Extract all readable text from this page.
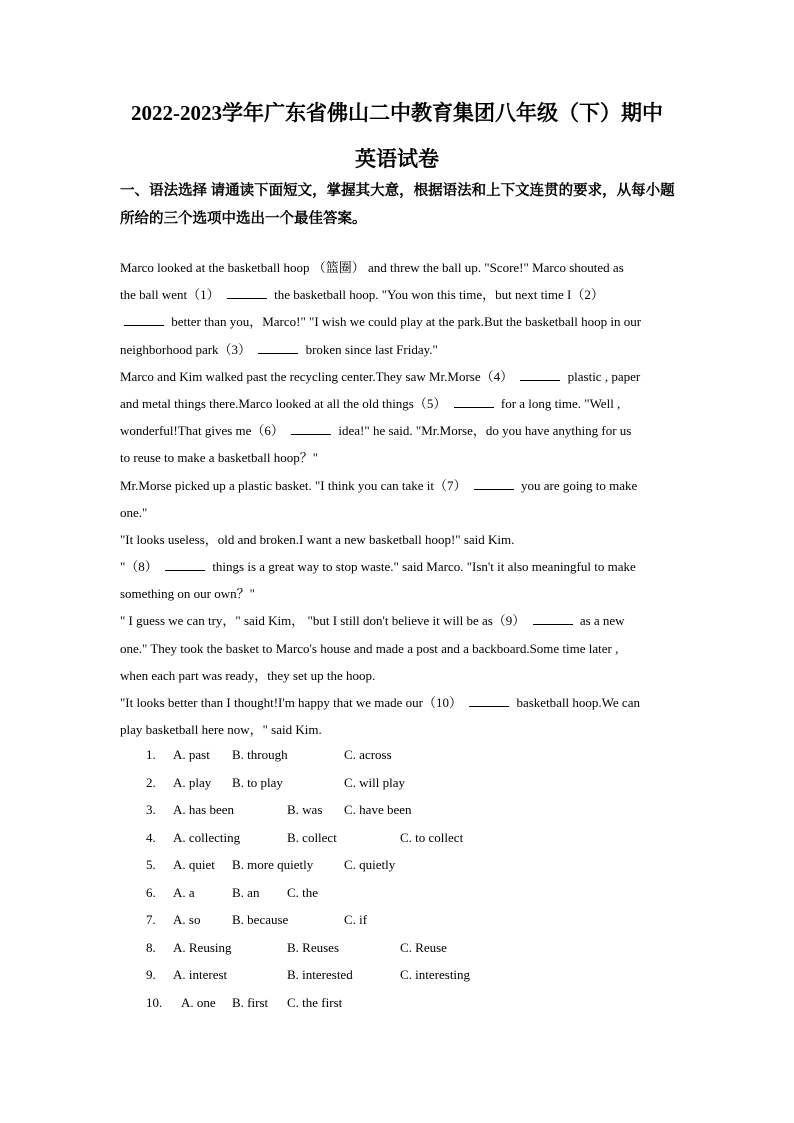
2022-2023学年广东省佛山二中教育集团八年级（下）期中
英语试卷
一、语法选择 请通读下面短文，掌握其大意，根据语法和上下文连贯的要求，从每小题所给的三个选项中选出一个最佳答案。
Marco looked at the basketball hoop （篮圈） and threw the ball up. "Score!" Marco shouted as
the ball went（1）	the basketball hoop. "You won this time，but next time I（2）
better than you，Marco!" "I wish we could play at the park.But the basketball hoop in our
neighborhood park（3）	broken since last Friday."
Marco and Kim walked past the recycling center.They saw Mr.Morse（4）	plastic , paper
and metal things there.Marco looked at all the old things（5）	for a long time. "Well ,
wonderful!That gives me（6）	idea!" he said. "Mr.Morse，do you have anything for us
to reuse to make a basketball hoop？"
Mr.Morse picked up a plastic basket. "I think you can take it（7）	you are going to make
one."
"It looks useless，old and broken.I want a new basketball hoop!" said Kim.
"（8）	things is a great way to stop waste." said Marco. "Isn't it also meaningful to make
something on our own？"
" I guess we can try，" said Kim， "but I still don't believe it will be as（9）	as a new
one." They took the basket to Marco's house and made a post and a backboard.Some time later ,
when each part was ready，they set up the hoop.
"It looks better than I thought!I'm happy that we made our（10）	basketball hoop.We can
play basketball here now，" said Kim.
1. A. past B. through	C. across
2. A. play B. to play	C. will play
3. A. has been	B. was C. have been
4. A. collecting	B. collect	C. to collect
5. A. quiet B. more quietly C. quietly
6. A. a	B. an C. the
7. A. so B. because	C. if
8. A. Reusing	B. Reuses	C. Reuse
9. A. interest	B. interested	C. interesting
10. A. one B. first C. the first
